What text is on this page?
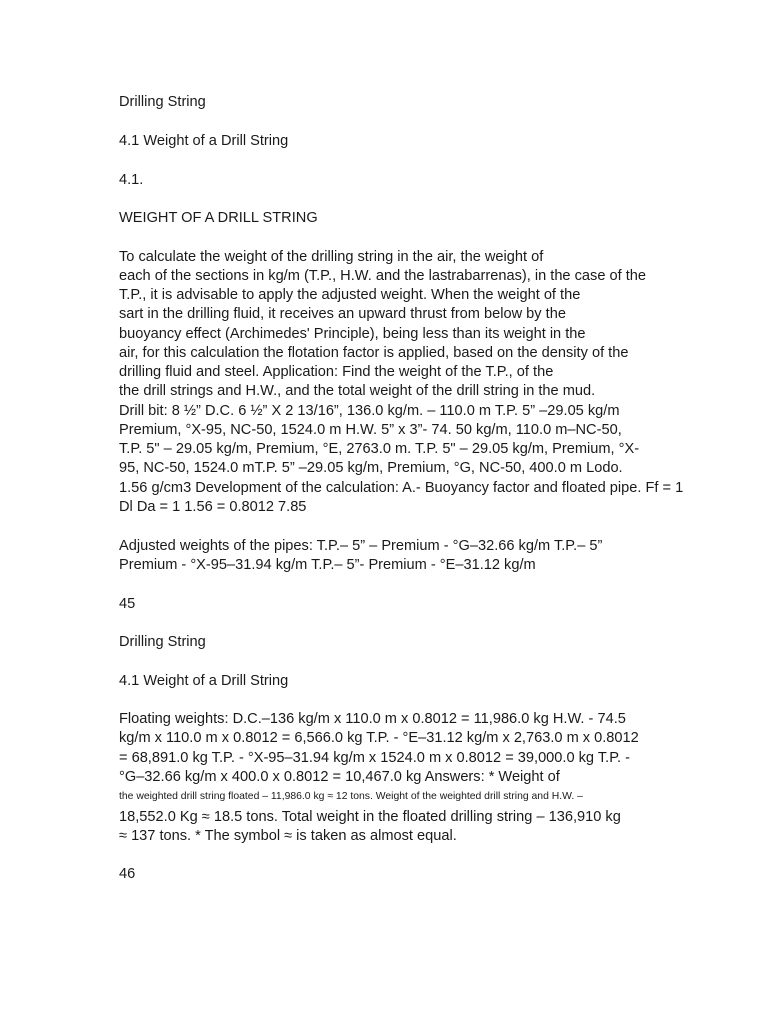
Drilling String

4.1 Weight of a Drill String

4.1.

WEIGHT OF A DRILL STRING

To calculate the weight of the drilling string in the air, the weight of

each of the sections in kg/m (T.P., H.W. and the lastrabarrenas), in the case of the

T.P., it is advisable to apply the adjusted weight. When the weight of the

sart in the drilling fluid, it receives an upward thrust from below by the

buoyancy effect (Archimedes' Principle), being less than its weight in the

air, for this calculation the flotation factor is applied, based on the density of the

drilling fluid and steel. Application: Find the weight of the T.P., of the

the drill strings and H.W., and the total weight of the drill string in the mud.

Drill bit: 8 ½” D.C. 6 ½” X 2 13/16”, 136.0 kg/m. – 110.0 m T.P. 5” –29.05 kg/m

Premium, °X-95, NC-50, 1524.0 m H.W. 5” x 3”- 74. 50 kg/m, 110.0 m–NC-50,

T.P. 5" – 29.05 kg/m, Premium, °E, 2763.0 m. T.P. 5" – 29.05 kg/m, Premium, °X-

95, NC-50, 1524.0 mT.P. 5” –29.05 kg/m, Premium, °G, NC-50, 400.0 m Lodo.

1.56 g/cm3 Development of the calculation: A.- Buoyancy factor and floated pipe. Ff = 1

Dl Da = 1 1.56 = 0.8012 7.85

Adjusted weights of the pipes: T.P.– 5” – Premium - °G–32.66 kg/m T.P.– 5”

Premium - °X-95–31.94 kg/m T.P.– 5”- Premium - °E–31.12 kg/m

45

Drilling String

4.1 Weight of a Drill String

Floating weights: D.C.–136 kg/m x 110.0 m x 0.8012 = 11,986.0 kg H.W. - 74.5

kg/m x 110.0 m x 0.8012 = 6,566.0 kg T.P. - °E–31.12 kg/m x 2,763.0 m x 0.8012

= 68,891.0 kg T.P. - °X-95–31.94 kg/m x 1524.0 m x 0.8012 = 39,000.0 kg T.P. -

the weighted drill string floated – 11,986.0 kg ≈ 12 tons. Weight of the weighted drill string and H.W. –

°G–32.66 kg/m x 400.0 x 0.8012 = 10,467.0 kg Answers: * Weight of

18,552.0 Kg ≈ 18.5 tons. Total weight in the floated drilling string – 136,910 kg

≈ 137 tons. * The symbol ≈ is taken as almost equal.

46
